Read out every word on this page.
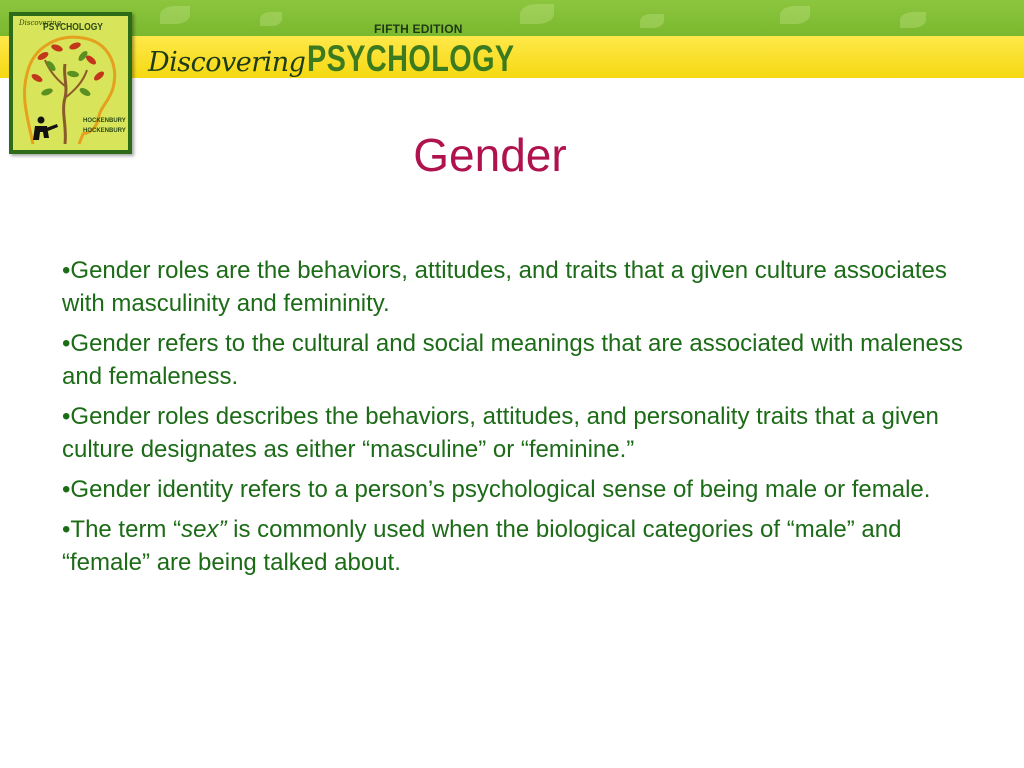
FIFTH EDITION
Discovering PSYCHOLOGY
Discovering
PSYCHOLOGY
HOCKENBURY
HOCKENBURY	Gender

•Gender roles are the behaviors, attitudes, and traits that a given culture associates with masculinity and femininity.

•Gender refers to the cultural and social meanings that are associated with maleness and femaleness.

•Gender roles describes the behaviors, attitudes, and personality traits that a given culture designates as either “masculine” or “feminine.”

•Gender identity refers to a person’s psychological sense of being male or female.

•The term “sex” is commonly used when the biological categories of “male” and “female” are being talked about.
